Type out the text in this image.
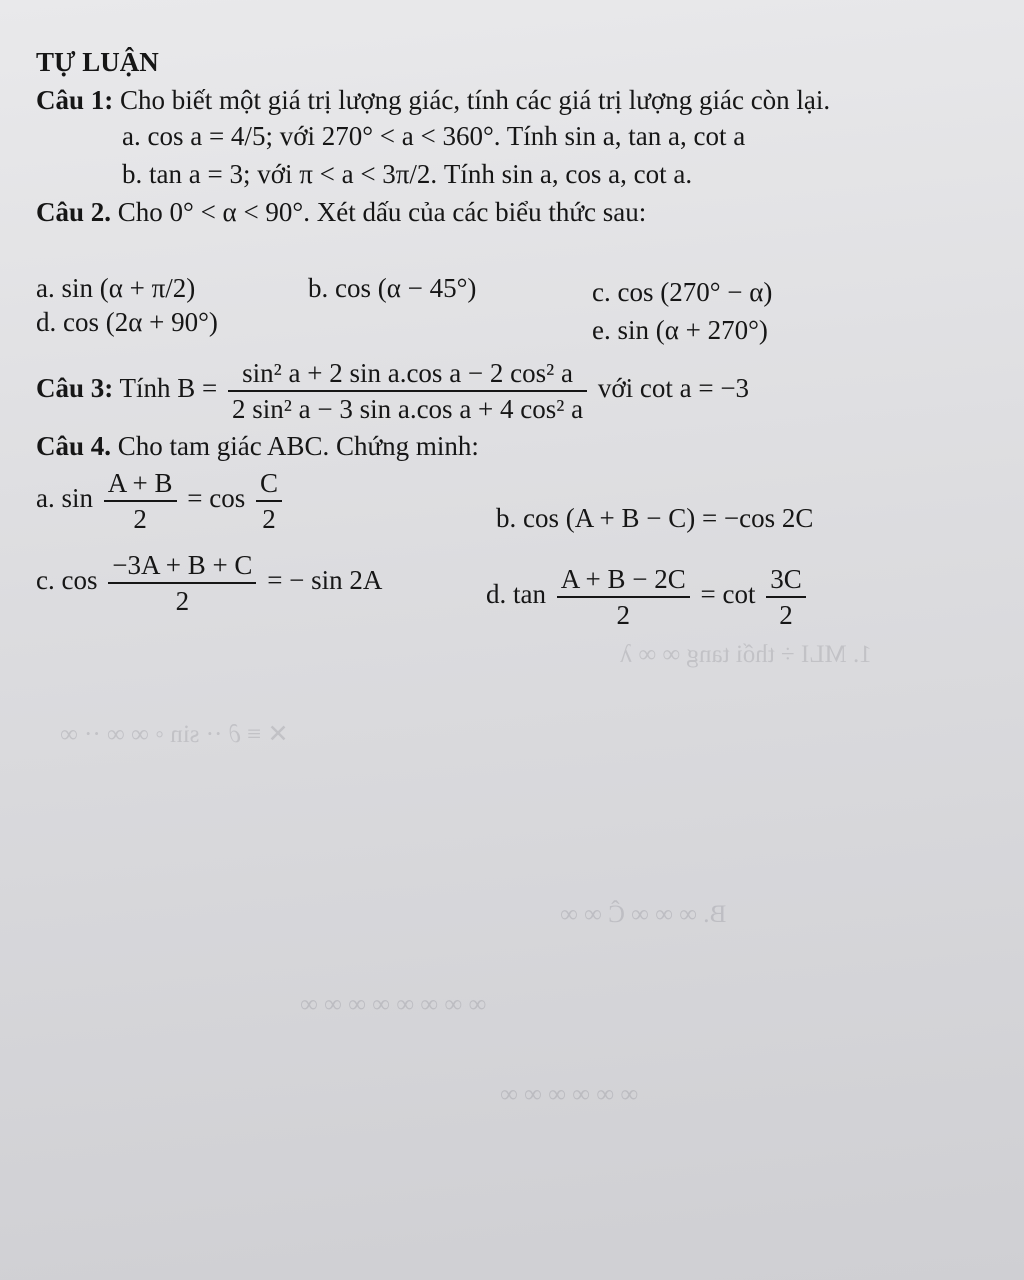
1. MLI ÷ thối tang ∞ ∞ λ
✕ ≡ ∂ ·· sin ◦ ∞ ∞ ·· ∞
B. ∞ ∞ ∞ Ĉ ∞ ∞
∞ ∞ ∞ ∞ ∞ ∞ ∞ ∞
∞ ∞ ∞ ∞ ∞ ∞
TỰ LUẬN
Câu 1: Cho biết một giá trị lượng giác, tính các giá trị lượng giác còn lại.
a. cos a = 4/5; với 270° < a < 360°. Tính sin a, tan a, cot a
b. tan a = 3; với π < a < 3π/2. Tính sin a, cos a, cot a.
Câu 2. Cho 0° < α < 90°. Xét dấu của các biểu thức sau:
a. sin (α + π/2)	b. cos (α − 45°)	c. cos (270° − α)
d. cos (2α + 90°)	e. sin (α + 270°)
Câu 3: Tính $B = \frac{\text{sin² a + 2 sin a.cos a − 2 cos² a}}{\text{2 sin² a − 3 sin a.cos a + 4 cos² a}}$ với cot a = −3
Câu 4. Cho tam giác ABC. Chứng minh:
a. $\sin \frac{A + B}{2} = \cos \frac{C}{2}$	b. cos (A + B − C) = −cos 2C
c. $\cos \frac{-3A + B + C}{2}$ = − sin 2A	d. $\tan \frac{A + B - 2C}{2} = \cot \frac{3C}{2}$
